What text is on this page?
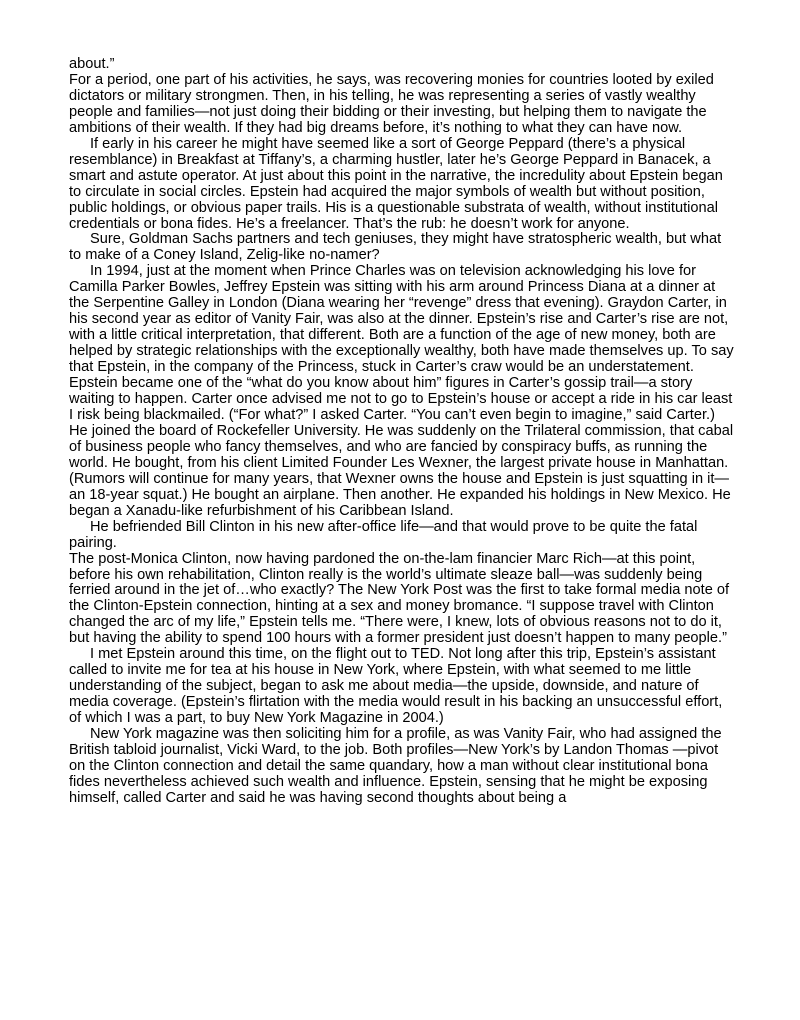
about.”

For a period, one part of his activities, he says, was recovering monies for countries looted by exiled dictators or military strongmen. Then, in his telling, he was representing a series of vastly wealthy people and families—not just doing their bidding or their investing, but helping them to navigate the ambitions of their wealth. If they had big dreams before, it’s nothing to what they can have now.

If early in his career he might have seemed like a sort of George Peppard (there’s a physical resemblance) in Breakfast at Tiffany’s, a charming hustler, later he’s George Peppard in Banacek, a smart and astute operator. At just about this point in the narrative, the incredulity about Epstein began to circulate in social circles. Epstein had acquired the major symbols of wealth but without position, public holdings, or obvious paper trails. His is a questionable substrata of wealth, without institutional credentials or bona fides. He’s a freelancer. That’s the rub: he doesn’t work for anyone.

Sure, Goldman Sachs partners and tech geniuses, they might have stratospheric wealth, but what to make of a Coney Island, Zelig-like no-namer?

In 1994, just at the moment when Prince Charles was on television acknowledging his love for Camilla Parker Bowles, Jeffrey Epstein was sitting with his arm around Princess Diana at a dinner at the Serpentine Galley in London (Diana wearing her “revenge” dress that evening). Graydon Carter, in his second year as editor of Vanity Fair, was also at the dinner. Epstein’s rise and Carter’s rise are not, with a little critical interpretation, that different. Both are a function of the age of new money, both are helped by strategic relationships with the exceptionally wealthy, both have made themselves up. To say that Epstein, in the company of the Princess, stuck in Carter’s craw would be an understatement. Epstein became one of the “what do you know about him” figures in Carter’s gossip trail—a story waiting to happen. Carter once advised me not to go to Epstein’s house or accept a ride in his car least I risk being blackmailed. (“For what?” I asked Carter. “You can’t even begin to imagine,” said Carter.)

He joined the board of Rockefeller University. He was suddenly on the Trilateral commission, that cabal of business people who fancy themselves, and who are fancied by conspiracy buffs, as running the world. He bought, from his client Limited Founder Les Wexner, the largest private house in Manhattan. (Rumors will continue for many years, that Wexner owns the house and Epstein is just squatting in it—an 18-year squat.) He bought an airplane. Then another. He expanded his holdings in New Mexico. He began a Xanadu-like refurbishment of his Caribbean Island.

He befriended Bill Clinton in his new after-office life—and that would prove to be quite the fatal pairing.

The post-Monica Clinton, now having pardoned the on-the-lam financier Marc Rich—at this point, before his own rehabilitation, Clinton really is the world’s ultimate sleaze ball—was suddenly being ferried around in the jet of…who exactly? The New York Post was the first to take formal media note of the Clinton-Epstein connection, hinting at a sex and money bromance. “I suppose travel with Clinton changed the arc of my life,” Epstein tells me. “There were, I knew, lots of obvious reasons not to do it, but having the ability to spend 100 hours with a former president just doesn’t happen to many people.”

I met Epstein around this time, on the flight out to TED. Not long after this trip, Epstein’s assistant called to invite me for tea at his house in New York, where Epstein, with what seemed to me little understanding of the subject, began to ask me about media—the upside, downside, and nature of media coverage. (Epstein’s flirtation with the media would result in his backing an unsuccessful effort, of which I was a part, to buy New York Magazine in 2004.)

New York magazine was then soliciting him for a profile, as was Vanity Fair, who had assigned the British tabloid journalist, Vicki Ward, to the job. Both profiles—New York’s by Landon Thomas —pivot on the Clinton connection and detail the same quandary, how a man without clear institutional bona fides nevertheless achieved such wealth and influence. Epstein, sensing that he might be exposing himself, called Carter and said he was having second thoughts about being a
